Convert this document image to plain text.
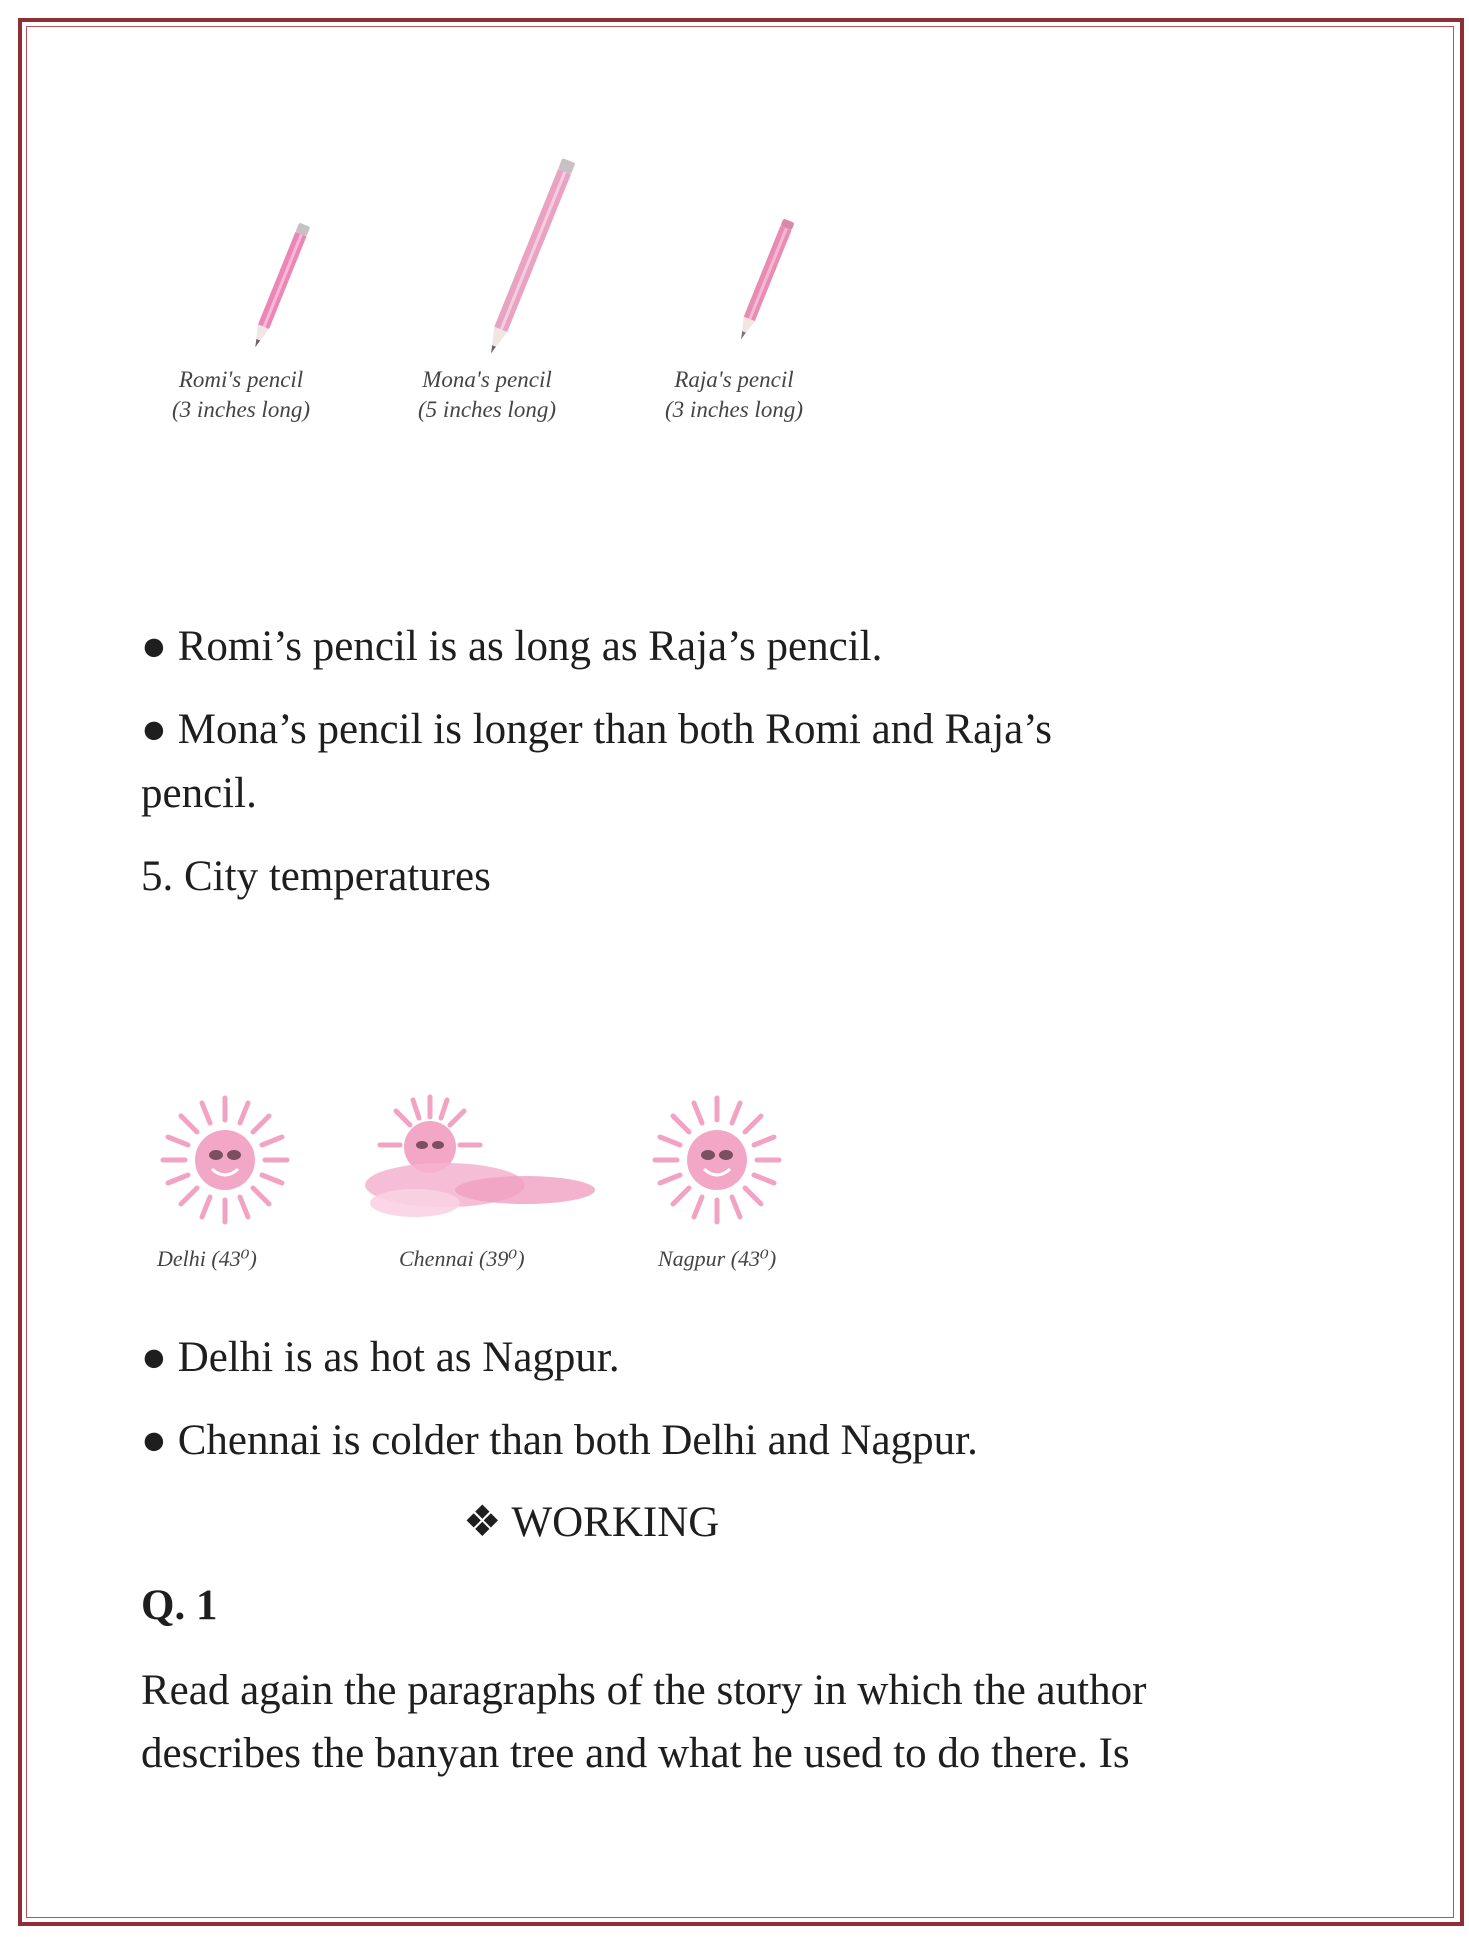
Romi's pencil
(3 inches long)
Mona's pencil
(5 inches long)
Raja's pencil
(3 inches long)
● Romi’s pencil is as long as Raja’s pencil.
● Mona’s pencil is longer than both Romi and Raja’s
pencil.
5. City temperatures
Delhi (43⁰)	Chennai (39⁰)	Nagpur (43⁰)
● Delhi is as hot as Nagpur.
● Chennai is colder than both Delhi and Nagpur.
❖ WORKING
Q. 1
Read again the paragraphs of the story in which the author
describes the banyan tree and what he used to do there. Is
